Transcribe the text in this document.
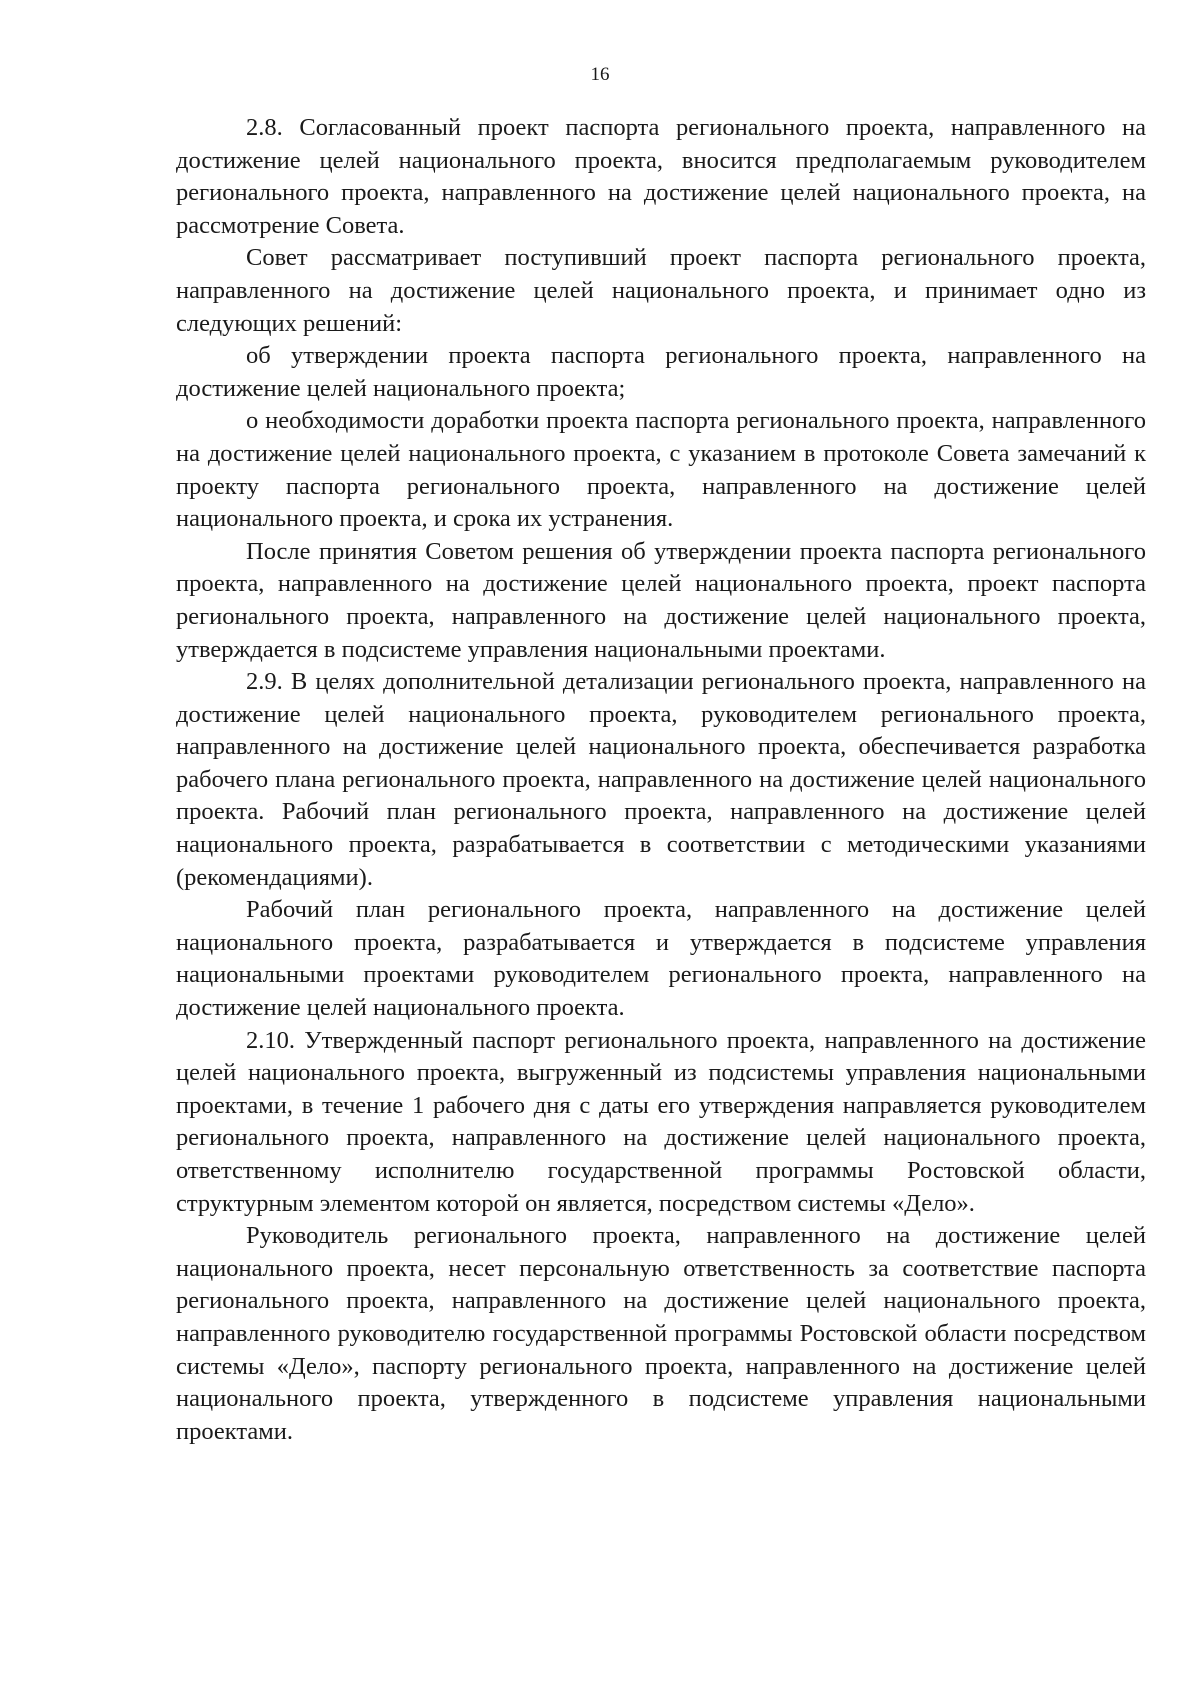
16

2.8. Согласованный проект паспорта регионального проекта, направленного на достижение целей национального проекта, вносится предполагаемым руководителем регионального проекта, направленного на достижение целей национального проекта, на рассмотрение Совета.

Совет рассматривает поступивший проект паспорта регионального проекта, направленного на достижение целей национального проекта, и принимает одно из следующих решений:

об утверждении проекта паспорта регионального проекта, направленного на достижение целей национального проекта;

о необходимости доработки проекта паспорта регионального проекта, направленного на достижение целей национального проекта, с указанием в протоколе Совета замечаний к проекту паспорта регионального проекта, направленного на достижение целей национального проекта, и срока их устранения.

После принятия Советом решения об утверждении проекта паспорта регионального проекта, направленного на достижение целей национального проекта, проект паспорта регионального проекта, направленного на достижение целей национального проекта, утверждается в подсистеме управления национальными проектами.

2.9. В целях дополнительной детализации регионального проекта, направленного на достижение целей национального проекта, руководителем регионального проекта, направленного на достижение целей национального проекта, обеспечивается разработка рабочего плана регионального проекта, направленного на достижение целей национального проекта. Рабочий план регионального проекта, направленного на достижение целей национального проекта, разрабатывается в соответствии с методическими указаниями (рекомендациями).

Рабочий план регионального проекта, направленного на достижение целей национального проекта, разрабатывается и утверждается в подсистеме управления национальными проектами руководителем регионального проекта, направленного на достижение целей национального проекта.

2.10. Утвержденный паспорт регионального проекта, направленного на достижение целей национального проекта, выгруженный из подсистемы управления национальными проектами, в течение 1 рабочего дня с даты его утверждения направляется руководителем регионального проекта, направленного на достижение целей национального проекта, ответственному исполнителю государственной программы Ростовской области, структурным элементом которой он является, посредством системы «Дело».

Руководитель регионального проекта, направленного на достижение целей национального проекта, несет персональную ответственность за соответствие паспорта регионального проекта, направленного на достижение целей национального проекта, направленного руководителю государственной программы Ростовской области посредством системы «Дело», паспорту регионального проекта, направленного на достижение целей национального проекта, утвержденного в подсистеме управления национальными проектами.
